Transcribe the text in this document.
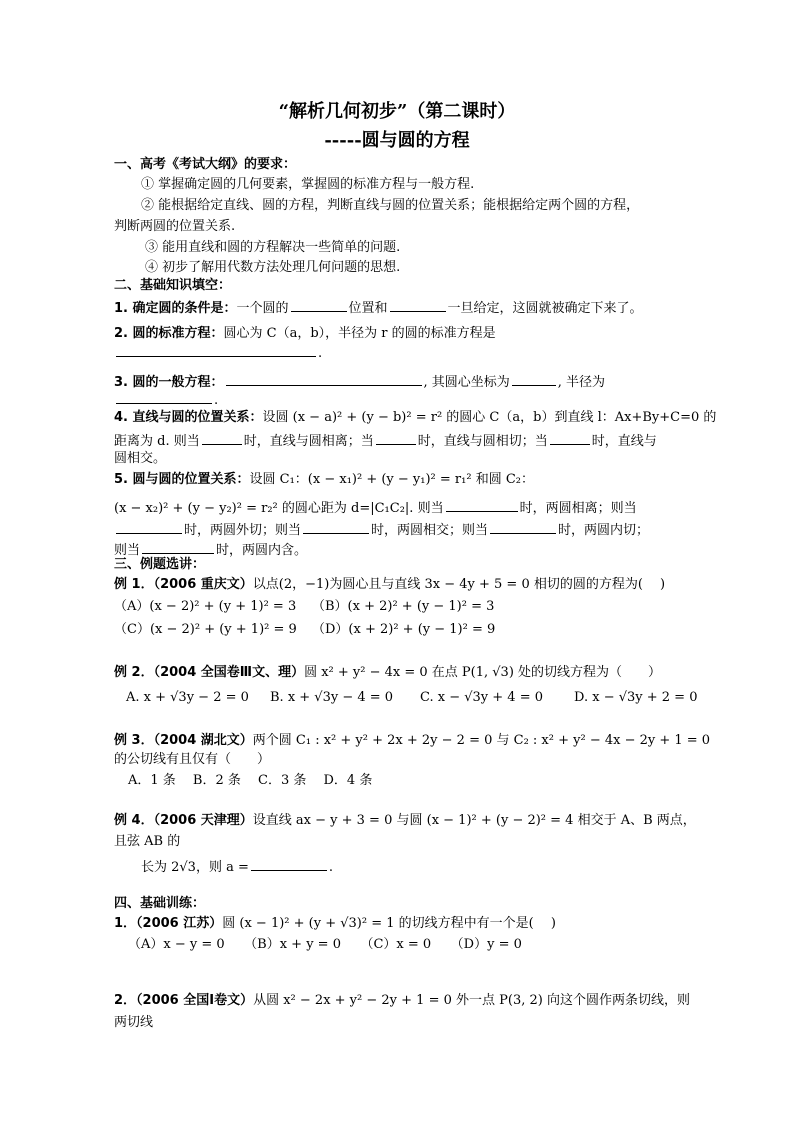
“解析几何初步”（第二课时）
-----圆与圆的方程
一、高考《考试大纲》的要求：
① 掌握确定圆的几何要素，掌握圆的标准方程与一般方程.
② 能根据给定直线、圆的方程，判断直线与圆的位置关系；能根据给定两个圆的方程，
判断两圆的位置关系.
③ 能用直线和圆的方程解决一些简单的问题.
④ 初步了解用代数方法处理几何问题的思想.
二、基础知识填空：
1. 确定圆的条件是：一个圆的	位置和	一旦给定，这圆就被确定下来了。
2. 圆的标准方程：圆心为 C（a，b），半径为 r 的圆的标准方程是
.
3. 圆的一般方程：	, 其圆心坐标为	, 半径为
.
4. 直线与圆的位置关系：设圆 (x − a)² + (y − b)² = r² 的圆心 C（a，b）到直线 l：Ax+By+C=0 的
距离为 d. 则当	时，直线与圆相离；当	时，直线与圆相切；当	时，直线与
圆相交。
5. 圆与圆的位置关系：设圆 C₁：(x − x₁)² + (y − y₁)² = r₁² 和圆 C₂：
(x − x₂)² + (y − y₂)² = r₂² 的圆心距为 d=|C₁C₂|. 则当	时，两圆相离；则当
时，两圆外切；则当	时，两圆相交；则当	时，两圆内切；
则当	时，两圆内含。
三、例题选讲：
例 1．（2006 重庆文）以点(2，−1)为圆心且与直线 3x − 4y + 5 = 0 相切的圆的方程为(　 )
（A）(x − 2)² + (y + 1)² = 3 （B）(x + 2)² + (y − 1)² = 3
（C）(x − 2)² + (y + 1)² = 9 （D）(x + 2)² + (y − 1)² = 9
例 2．（2004 全国卷Ⅲ文、理）圆 x² + y² − 4x = 0 在点 P(1, √3) 处的切线方程为（　　）
A. x + √3y − 2 = 0 B. x + √3y − 4 = 0 C. x − √3y + 4 = 0 D. x − √3y + 2 = 0
例 3．（2004 湖北文）两个圆 C₁ : x² + y² + 2x + 2y − 2 = 0 与 C₂ : x² + y² − 4x − 2y + 1 = 0
的公切线有且仅有（　　）
A．1 条　 B．2 条　 C．3 条　 D．4 条
例 4．（2006 天津理）设直线 ax − y + 3 = 0 与圆 (x − 1)² + (y − 2)² = 4 相交于 A、B 两点，
且弦 AB 的
长为 2√3，则 a =	.
四、基础训练：
1．（2006 江苏）圆 (x − 1)² + (y + √3)² = 1 的切线方程中有一个是(　 )
（A）x − y = 0　　（B）x + y = 0　　（C）x = 0　　（D）y = 0
2．（2006 全国Ⅰ卷文）从圆 x² − 2x + y² − 2y + 1 = 0 外一点 P(3, 2) 向这个圆作两条切线，则
两切线
